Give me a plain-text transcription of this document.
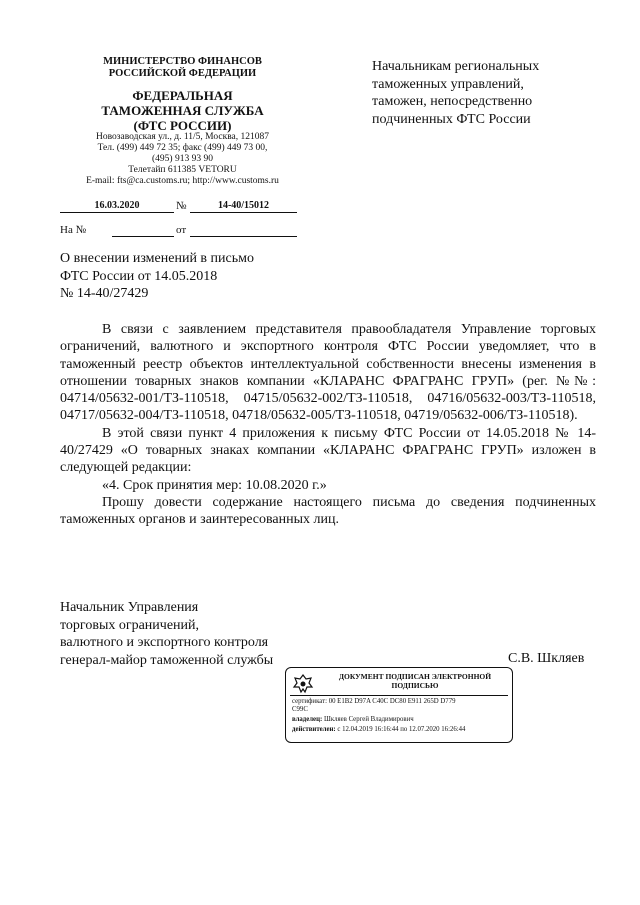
МИНИСТЕРСТВО ФИНАНСОВ
РОССИЙСКОЙ ФЕДЕРАЦИИ
ФЕДЕРАЛЬНАЯ
ТАМОЖЕННАЯ СЛУЖБА
(ФТС РОССИИ)
Новозаводская ул., д. 11/5, Москва, 121087
Тел. (499) 449 72 35; факс (499) 449 73 00,
(495) 913 93 90
Телетайп 611385 VETORU
E-mail: fts@ca.customs.ru; http://www.customs.ru
16.03.2020	№	14-40/15012
На №	от
Начальникам региональных
таможенных управлений,
таможен, непосредственно
подчиненных ФТС России
О внесении изменений в письмо
ФТС России от 14.05.2018
№ 14-40/27429

В связи с заявлением представителя правообладателя Управление торговых ограничений, валютного и экспортного контроля ФТС России уведомляет, что в таможенный реестр объектов интеллектуальной собственности внесены изменения в отношении товарных знаков компании «КЛАРАНС ФРАГРАНС ГРУП» (рег. №№: 04714/05632-001/ТЗ-110518, 04715/05632-002/ТЗ-110518, 04716/05632-003/ТЗ-110518, 04717/05632-004/ТЗ-110518, 04718/05632-005/ТЗ-110518, 04719/05632-006/ТЗ-110518).

В этой связи пункт 4 приложения к письму ФТС России от 14.05.2018 № 14-40/27429 «О товарных знаках компании «КЛАРАНС ФРАГРАНС ГРУП» изложен в следующей редакции:

«4. Срок принятия мер: 10.08.2020 г.»

Прошу довести содержание настоящего письма до сведения подчиненных таможенных органов и заинтересованных лиц.

Начальник Управления
торговых ограничений,
валютного и экспортного контроля
генерал-майор таможенной службы	С.В. Шкляев
ДОКУМЕНТ ПОДПИСАН ЭЛЕКТРОННОЙ
ПОДПИСЬЮ
сертификат: 00 E1B2 D97A C40C DC80 E911 265D D779
C99C
владелец: Шкляев Сергей Владимирович
действителен: с 12.04.2019 16:16:44 по 12.07.2020 16:26:44
